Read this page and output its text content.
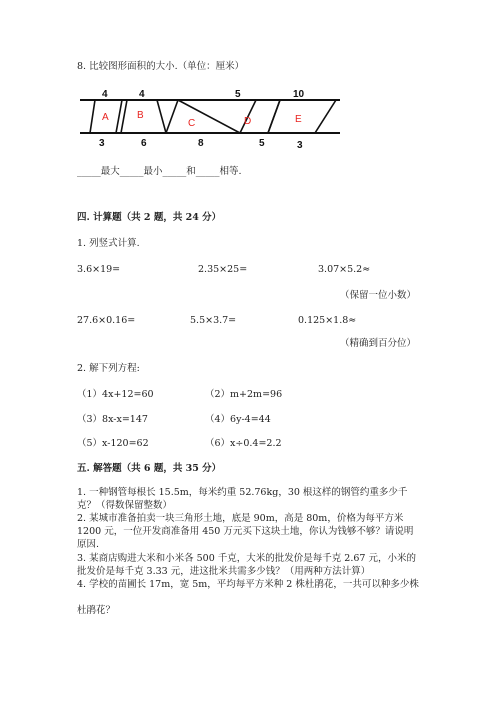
8. 比较图形面积的大小.（单位：厘米）
A	B
C	D	E
4	4	5	10
3	6	8	5	3
_____最大_____最小_____和_____相等.
四. 计算题（共 2 题，共 24 分）
1. 列竖式计算.
3.6×19=	2.35×25=	3.07×5.2≈
（保留一位小数）
27.6×0.16=	5.5×3.7=	0.125×1.8≈
（精确到百分位）
2. 解下列方程:
（1）4x+12=60	（2）m+2m=96
（3）8x-x=147	（4）6y-4=44
（5）x-120=62	（6）x÷0.4=2.2
五. 解答题（共 6 题，共 35 分）
1. 一种钢管每根长 15.5m，每米约重 52.76kg，30 根这样的钢管约重多少千
克？（得数保留整数）
2. 某城市准备拍卖一块三角形土地，底是 90m，高是 80m，价格为每平方米
1200 元，一位开发商准备用 450 万元买下这块土地，你认为钱够不够？请说明
原因.
3. 某商店购进大米和小米各 500 千克，大米的批发价是每千克 2.67 元，小米的
批发价是每千克 3.33 元，进这批米共需多少钱？（用两种方法计算）
4. 学校的苗圃长 17m，宽 5m，平均每平方米种 2 株杜鹃花，一共可以种多少株
杜鹃花？
